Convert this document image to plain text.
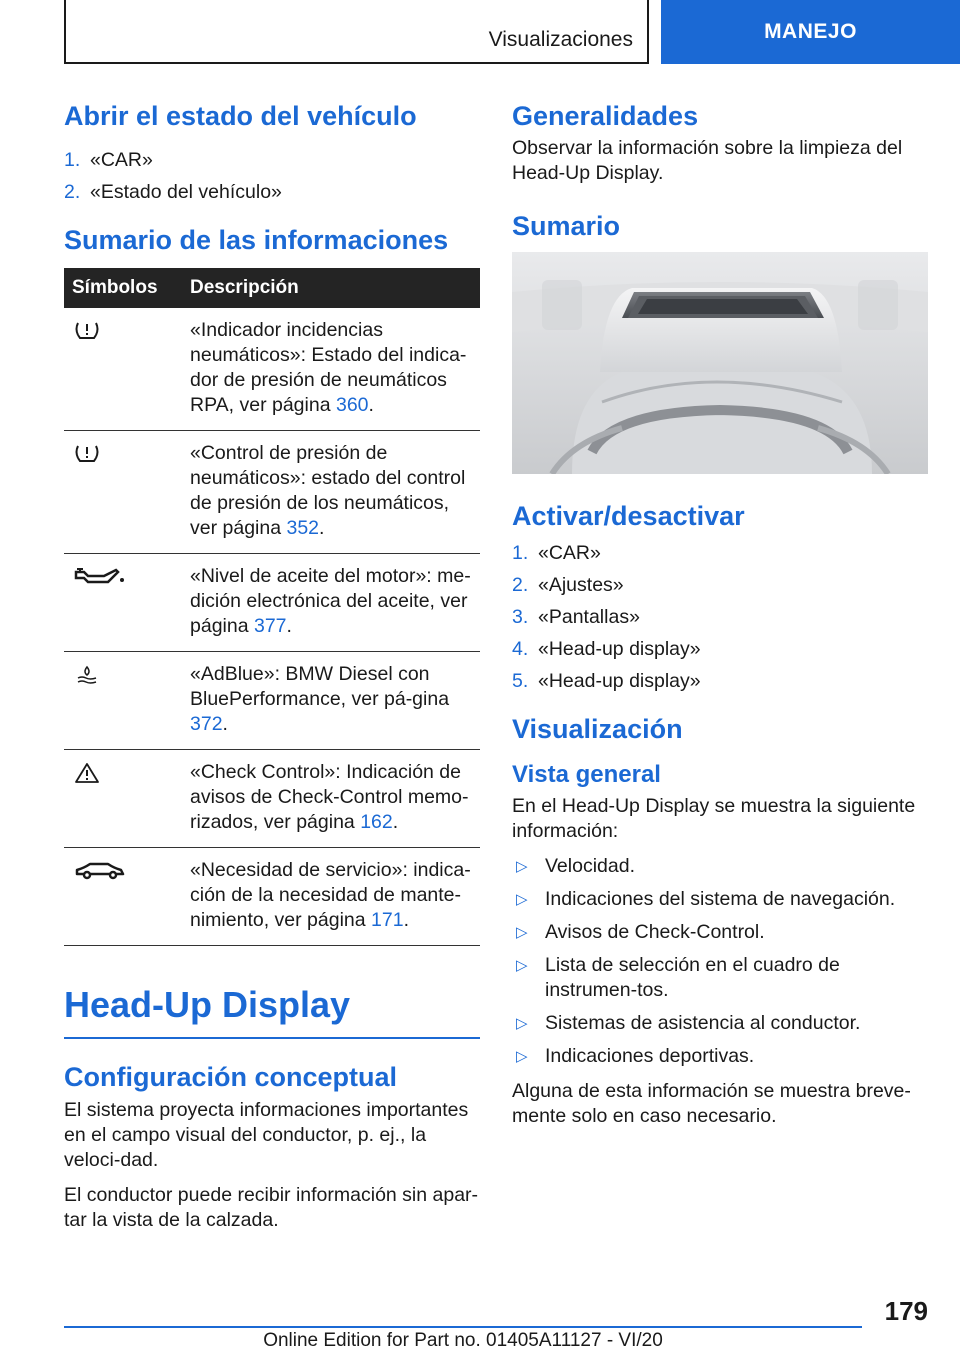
Visualizaciones	MANEJO
Abrir el estado del vehículo
1. «CAR»
2. «Estado del vehículo»
Sumario de las informaciones
Símbolos	Descripción

	«Indicador incidencias neumáticos»: Estado del indica-dor de presión de neumáticos RPA, ver página 360.

	«Control de presión de neumáticos»: estado del control de presión de los neumáticos, ver página 352.

	«Nivel de aceite del motor»: me-dición electrónica del aceite, ver página 377.

	«AdBlue»: BMW Diesel con BluePerformance, ver pá-gina 372.

	«Check Control»: Indicación de avisos de Check-Control memo-rizados, ver página 162.

	«Necesidad de servicio»: indica-ción de la necesidad de mante-nimiento, ver página 171.
Head-Up Display
Configuración conceptual

El sistema proyecta informaciones importantes en el campo visual del conductor, p. ej., la veloci-dad.

El conductor puede recibir información sin apar-tar la vista de la calzada.

Generalidades

Observar la información sobre la limpieza del Head-Up Display.

Sumario
Activar/desactivar
1. «CAR»
2. «Ajustes»
3. «Pantallas»
4. «Head-up display»
5. «Head-up display»
Visualización
Vista general

En el Head-Up Display se muestra la siguiente información:

▷ Velocidad.
▷ Indicaciones del sistema de navegación.
▷ Avisos de Check-Control.
▷ Lista de selección en el cuadro de instrumen-tos.
▷ Sistemas de asistencia al conductor.
▷ Indicaciones deportivas.

Alguna de esta información se muestra breve-mente solo en caso necesario.

179
Online Edition for Part no. 01405A11127 - VI/20
